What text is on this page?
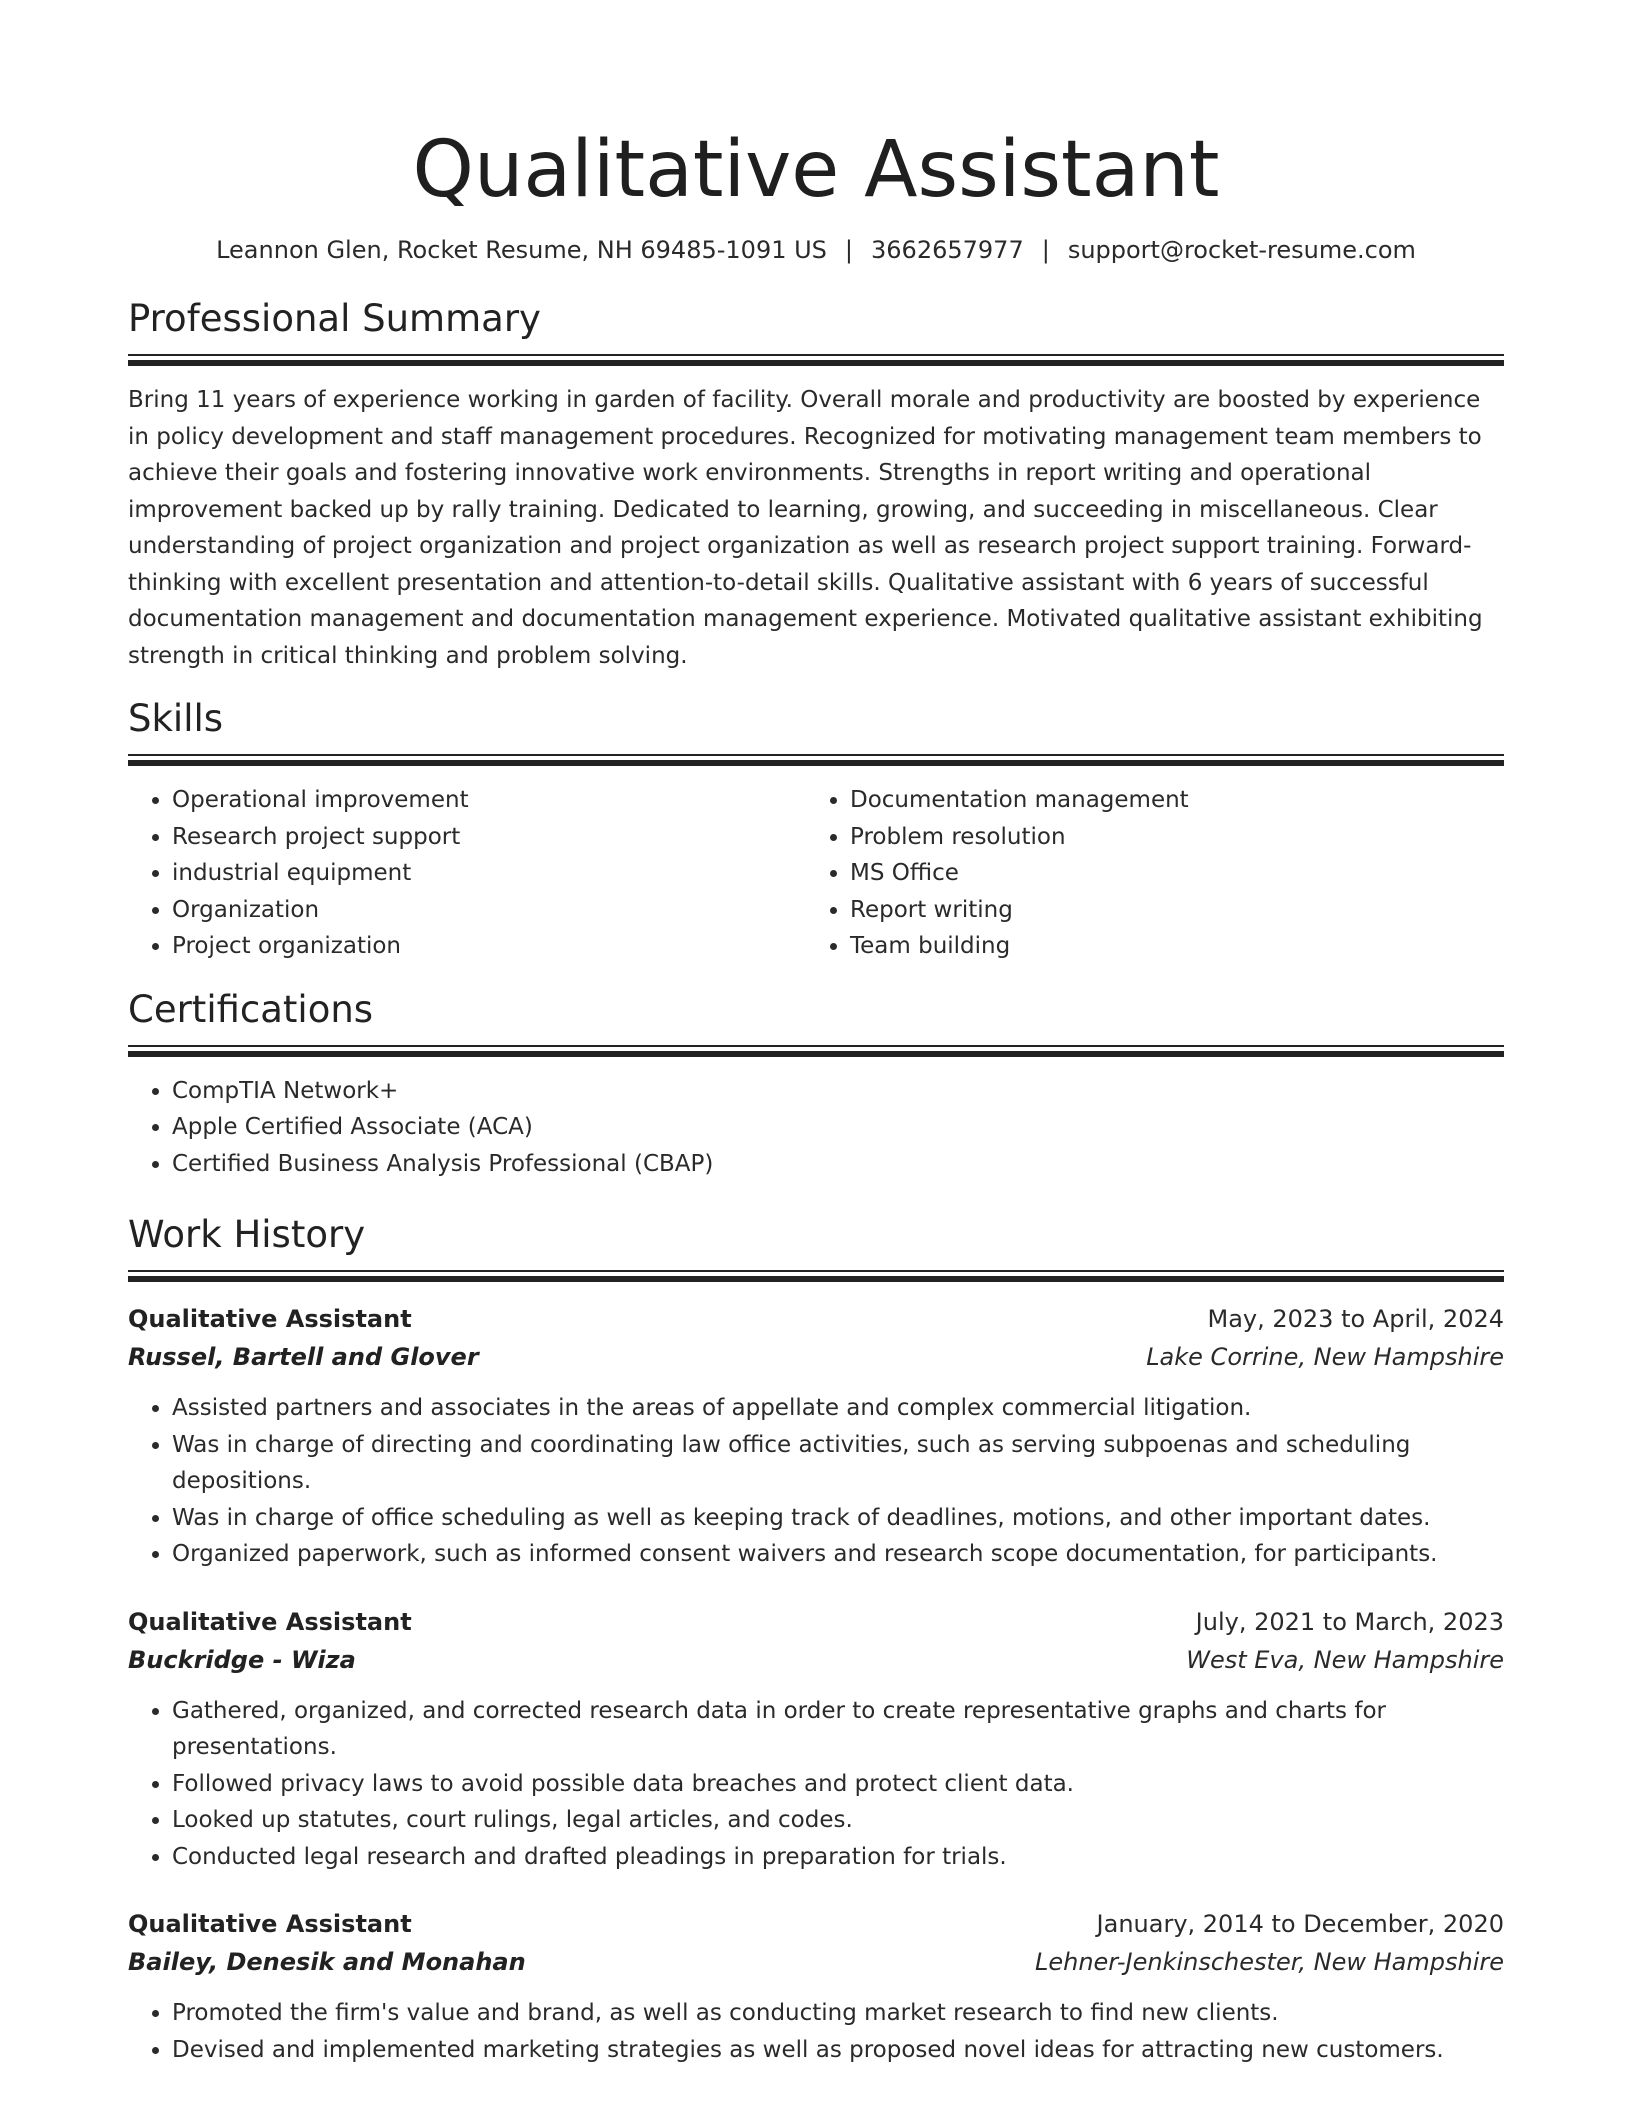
Qualitative Assistant
Leannon Glen, Rocket Resume, NH 69485-1091 US | 3662657977 | support@rocket-resume.com
Professional Summary

Bring 11 years of experience working in garden of facility. Overall morale and productivity are boosted by experience in policy development and staff management procedures. Recognized for motivating management team members to achieve their goals and fostering innovative work environments. Strengths in report writing and operational improvement backed up by rally training. Dedicated to learning, growing, and succeeding in miscellaneous. Clear understanding of project organization and project organization as well as research project support training. Forward-thinking with excellent presentation and attention-to-detail skills. Qualitative assistant with 6 years of successful documentation management and documentation management experience. Motivated qualitative assistant exhibiting strength in critical thinking and problem solving.

Skills
• Operational improvement
• Research project support
• industrial equipment
• Organization
• Project organization
• Documentation management
• Problem resolution
• MS Office
• Report writing
• Team building
Certifications
• CompTIA Network+
• Apple Certified Associate (ACA)
• Certified Business Analysis Professional (CBAP)
Work History
Qualitative Assistant	May, 2023 to April, 2024
Russel, Bartell and Glover	Lake Corrine, New Hampshire
• Assisted partners and associates in the areas of appellate and complex commercial litigation.
• Was in charge of directing and coordinating law office activities, such as serving subpoenas and scheduling depositions.
• Was in charge of office scheduling as well as keeping track of deadlines, motions, and other important dates.
• Organized paperwork, such as informed consent waivers and research scope documentation, for participants.
Qualitative Assistant	July, 2021 to March, 2023
Buckridge - Wiza	West Eva, New Hampshire
• Gathered, organized, and corrected research data in order to create representative graphs and charts for presentations.
• Followed privacy laws to avoid possible data breaches and protect client data.
• Looked up statutes, court rulings, legal articles, and codes.
• Conducted legal research and drafted pleadings in preparation for trials.
Qualitative Assistant	January, 2014 to December, 2020
Bailey, Denesik and Monahan	Lehner-Jenkinschester, New Hampshire
• Promoted the firm's value and brand, as well as conducting market research to find new clients.
• Devised and implemented marketing strategies as well as proposed novel ideas for attracting new customers.
